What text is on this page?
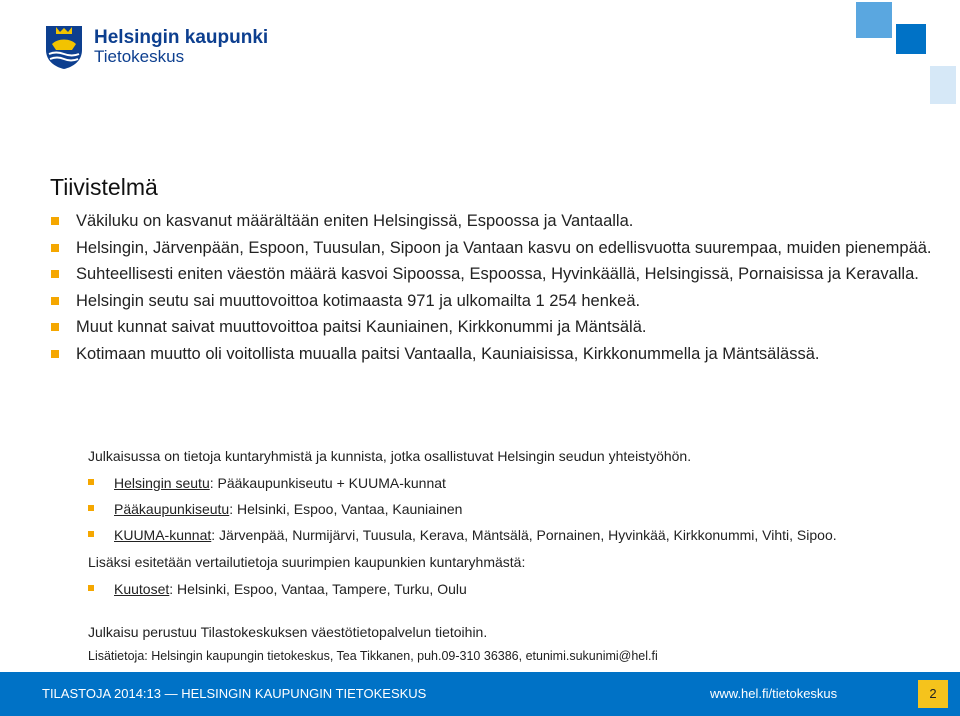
Helsingin kaupunki
Tietokeskus
Tiivistelmä
Väkiluku on kasvanut määrältään eniten Helsingissä, Espoossa ja Vantaalla.
Helsingin, Järvenpään, Espoon, Tuusulan, Sipoon ja Vantaan kasvu on edellisvuotta suurempaa, muiden pienempää.
Suhteellisesti eniten väestön määrä kasvoi Sipoossa, Espoossa, Hyvinkäällä, Helsingissä, Pornaisissa ja Keravalla.
Helsingin seutu sai muuttovoittoa kotimaasta 971 ja ulkomailta 1 254 henkeä.
Muut kunnat saivat muuttovoittoa paitsi Kauniainen, Kirkkonummi ja Mäntsälä.
Kotimaan muutto oli voitollista muualla paitsi Vantaalla, Kauniaisissa, Kirkkonummella ja Mäntsälässä.

Julkaisussa on tietoja kuntaryhmistä ja kunnista, jotka osallistuvat Helsingin seudun yhteistyöhön.

Helsingin seutu: Pääkaupunkiseutu + KUUMA-kunnat
Pääkaupunkiseutu: Helsinki, Espoo, Vantaa, Kauniainen
KUUMA-kunnat: Järvenpää, Nurmijärvi, Tuusula, Kerava, Mäntsälä, Pornainen, Hyvinkää, Kirkkonummi, Vihti, Sipoo.

Lisäksi esitetään vertailutietoja suurimpien kaupunkien kuntaryhmästä:

Kuutoset: Helsinki, Espoo, Vantaa, Tampere, Turku, Oulu

Julkaisu perustuu Tilastokeskuksen väestötietopalvelun tietoihin.

Lisätietoja: Helsingin kaupungin tietokeskus, Tea Tikkanen, puh.09-310 36386, etunimi.sukunimi@hel.fi

TILASTOJA 2014:13 — HELSINGIN KAUPUNGIN TIETOKESKUS	www.hel.fi/tietokeskus	2
